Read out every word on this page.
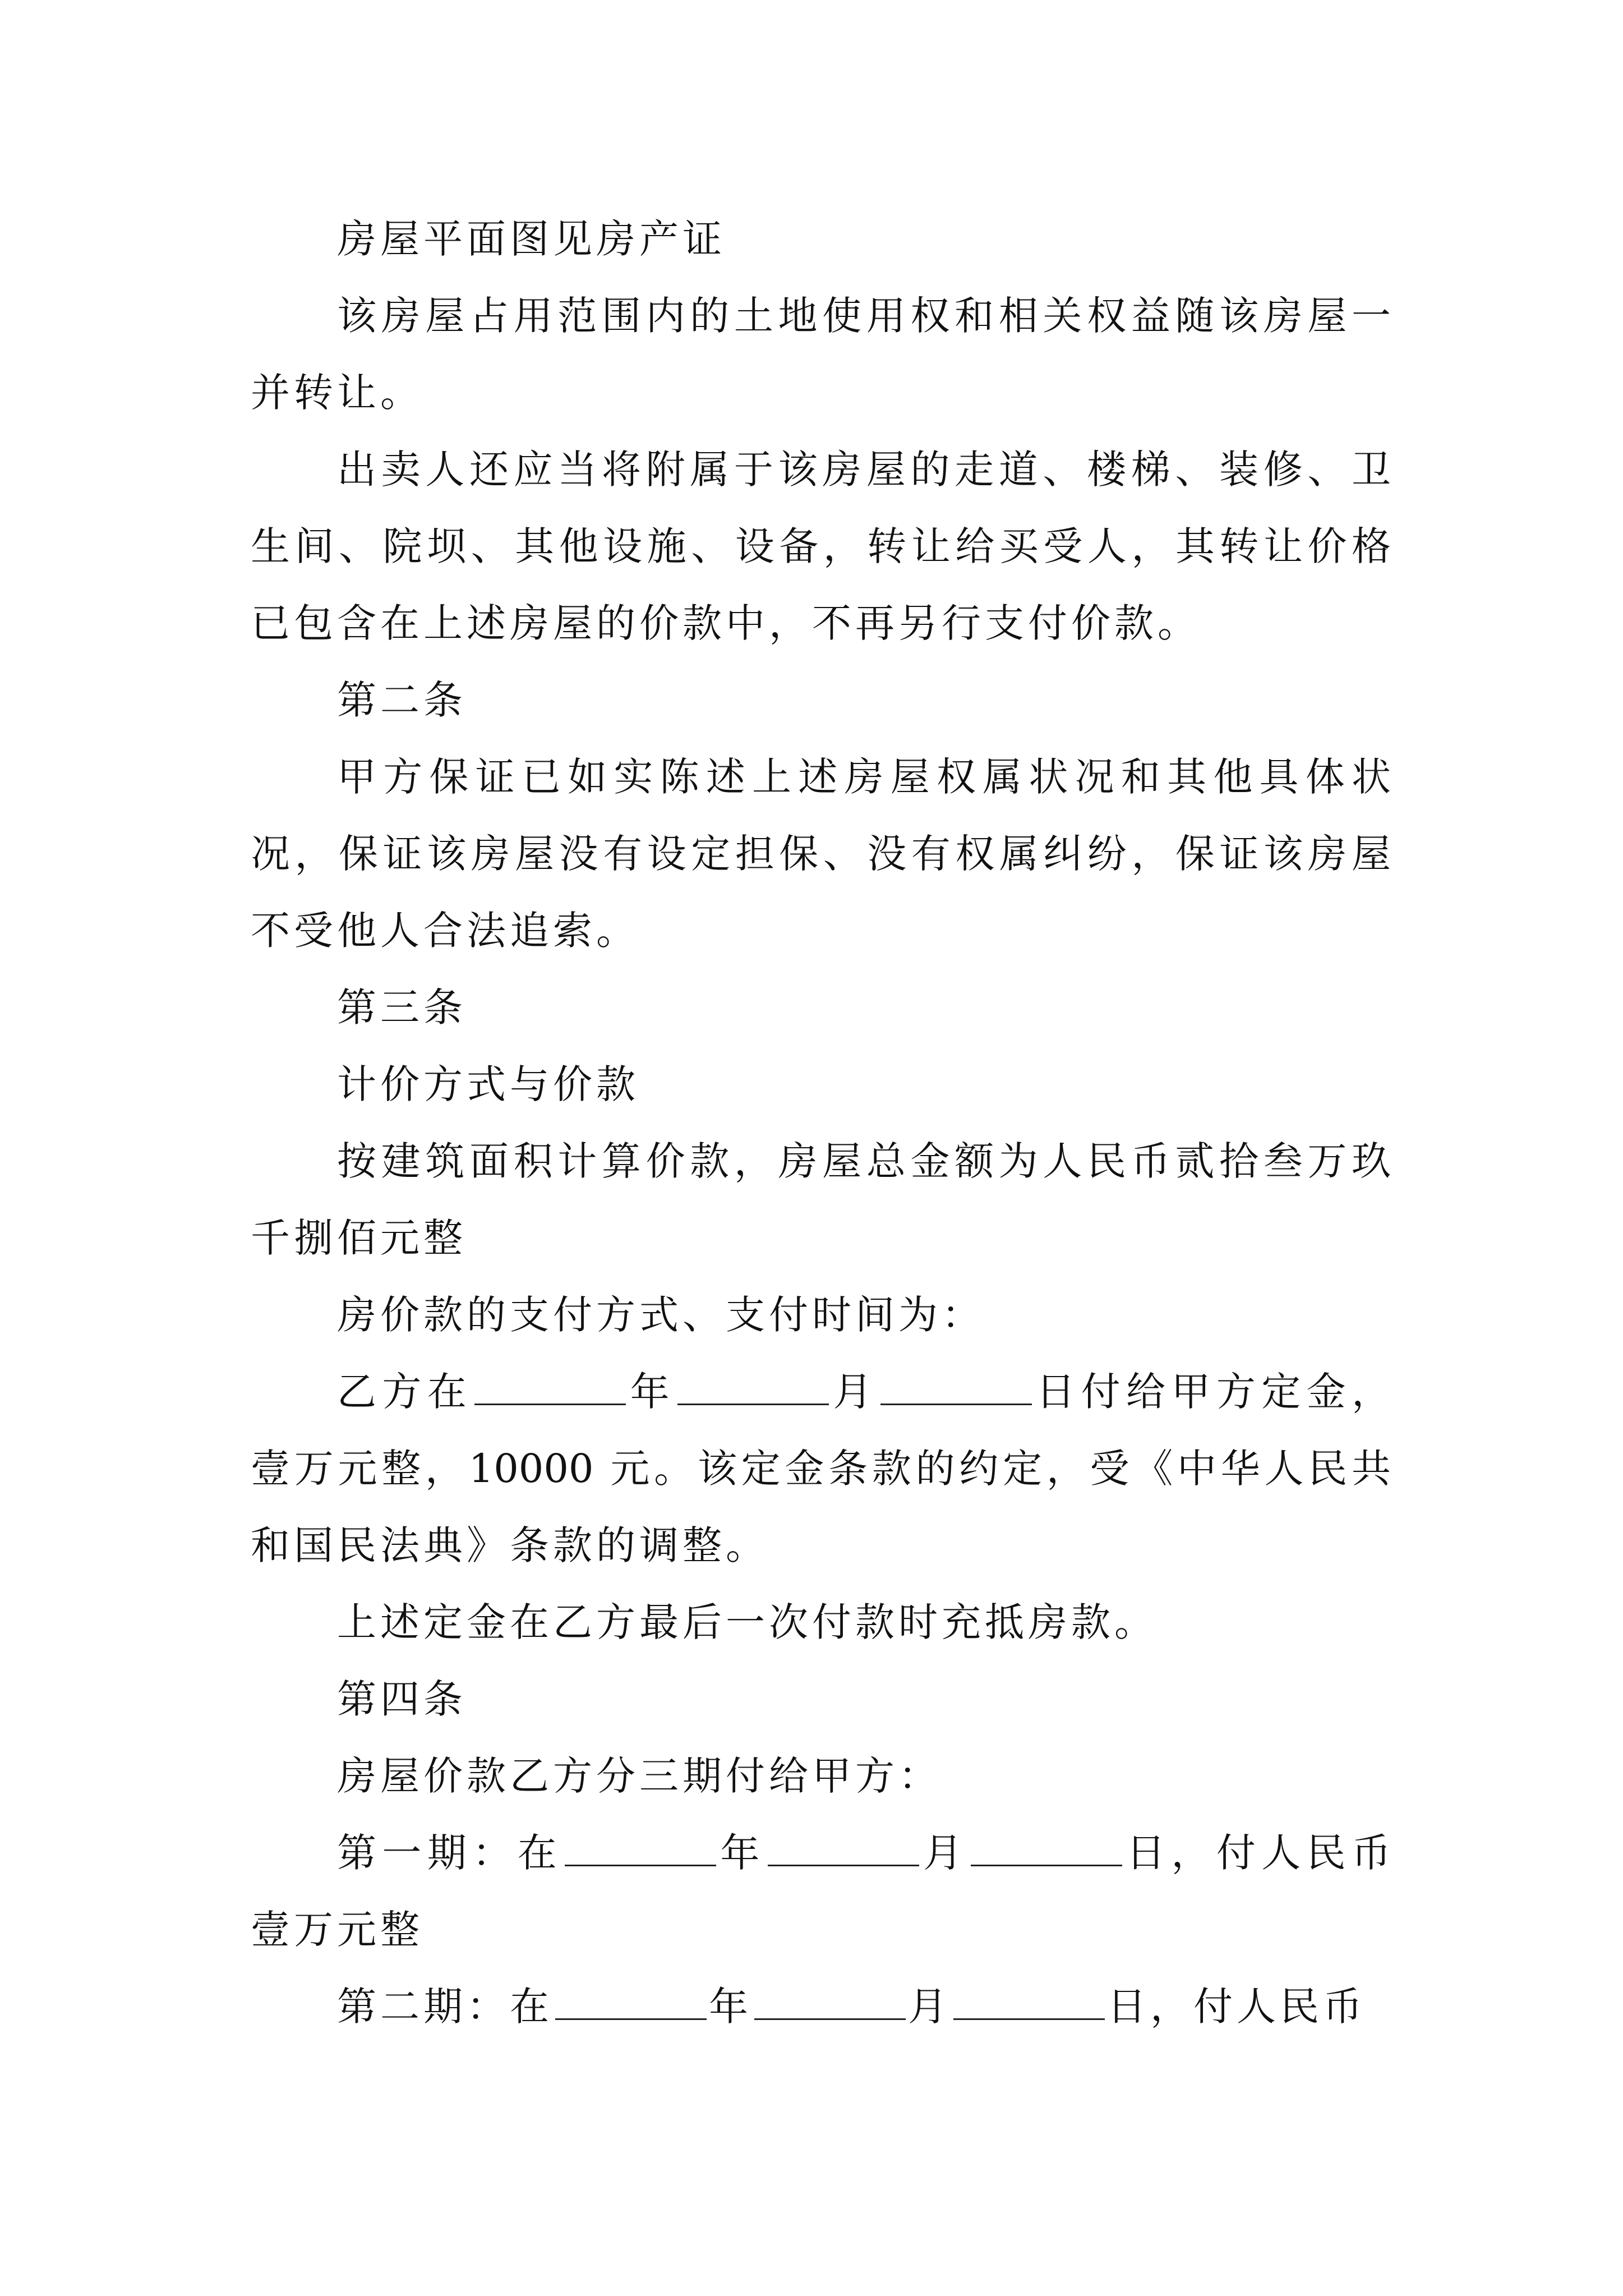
房屋平面图见房产证

该房屋占用范围内的土地使用权和相关权益随该房屋一并转让。

出卖人还应当将附属于该房屋的走道、楼梯、装修、卫生间、院坝、其他设施、设备，转让给买受人，其转让价格已包含在上述房屋的价款中，不再另行支付价款。

第二条

甲方保证已如实陈述上述房屋权属状况和其他具体状况，保证该房屋没有设定担保、没有权属纠纷，保证该房屋不受他人合法追索。

第三条

计价方式与价款

按建筑面积计算价款，房屋总金额为人民币贰拾叁万玖千捌佰元整

房价款的支付方式、支付时间为：

乙方在	年	月	日付给甲方定金，壹万元整，10000 元。该定金条款的约定，受《中华人民共和国民法典》条款的调整。

上述定金在乙方最后一次付款时充抵房款。

第四条

房屋价款乙方分三期付给甲方：

第一期：在	年	月	日，付人民币壹万元整

第二期：在	年	月	日，付人民币
